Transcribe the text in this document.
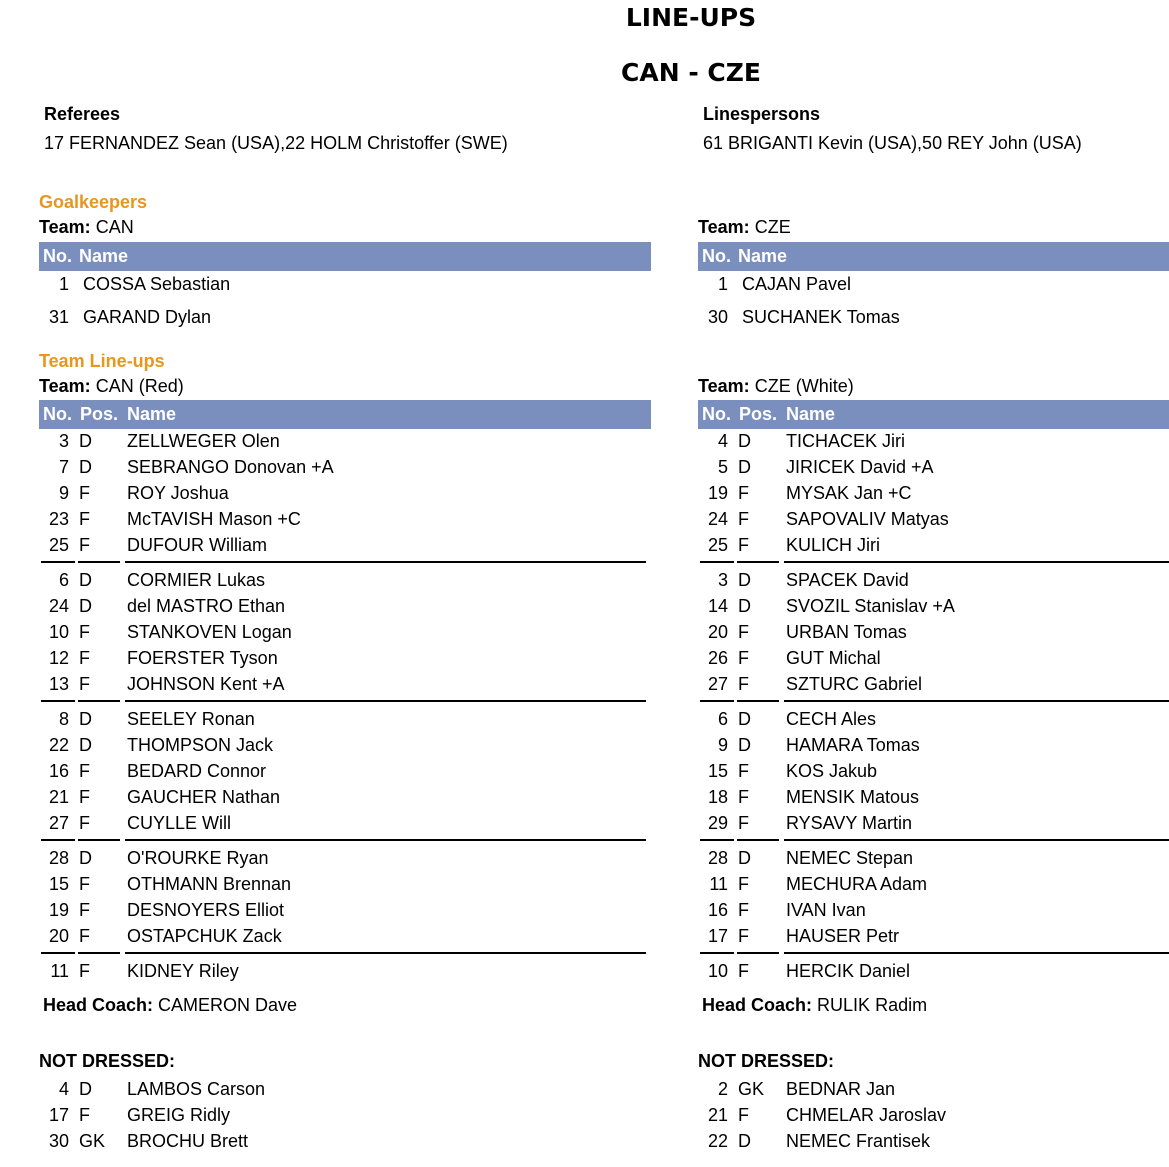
LINE-UPS
CAN - CZE
Referees
17 FERNANDEZ Sean (USA),22 HOLM Christoffer (SWE)
Linespersons
61 BRIGANTI Kevin (USA),50 REY John (USA)
Goalkeepers
Team Line-ups
Team: CAN
No. Name
1 COSSA Sebastian
31 GARAND Dylan
Team: CAN (Red)
No. Pos. Name
3 D ZELLWEGER Olen
7 D SEBRANGO Donovan +A
9 F ROY Joshua
23 F McTAVISH Mason +C
25 F DUFOUR William
6 D CORMIER Lukas
24 D del MASTRO Ethan
10 F STANKOVEN Logan
12 F FOERSTER Tyson
13 F JOHNSON Kent +A
8 D SEELEY Ronan
22 D THOMPSON Jack
16 F BEDARD Connor
21 F GAUCHER Nathan
27 F CUYLLE Will
28 D O'ROURKE Ryan
15 F OTHMANN Brennan
19 F DESNOYERS Elliot
20 F OSTAPCHUK Zack
11 F KIDNEY Riley
Head Coach: CAMERON Dave
NOT DRESSED:
4 D LAMBOS Carson
17 F GREIG Ridly
30 GK BROCHU Brett
Team: CZE
No. Name
1 CAJAN Pavel
30 SUCHANEK Tomas
Team: CZE (White)
No. Pos. Name
4 D TICHACEK Jiri
5 D JIRICEK David +A
19 F MYSAK Jan +C
24 F SAPOVALIV Matyas
25 F KULICH Jiri
3 D SPACEK David
14 D SVOZIL Stanislav +A
20 F URBAN Tomas
26 F GUT Michal
27 F SZTURC Gabriel
6 D CECH Ales
9 D HAMARA Tomas
15 F KOS Jakub
18 F MENSIK Matous
29 F RYSAVY Martin
28 D NEMEC Stepan
11 F MECHURA Adam
16 F IVAN Ivan
17 F HAUSER Petr
10 F HERCIK Daniel
Head Coach: RULIK Radim
NOT DRESSED:
2 GK BEDNAR Jan
21 F CHMELAR Jaroslav
22 D NEMEC Frantisek
